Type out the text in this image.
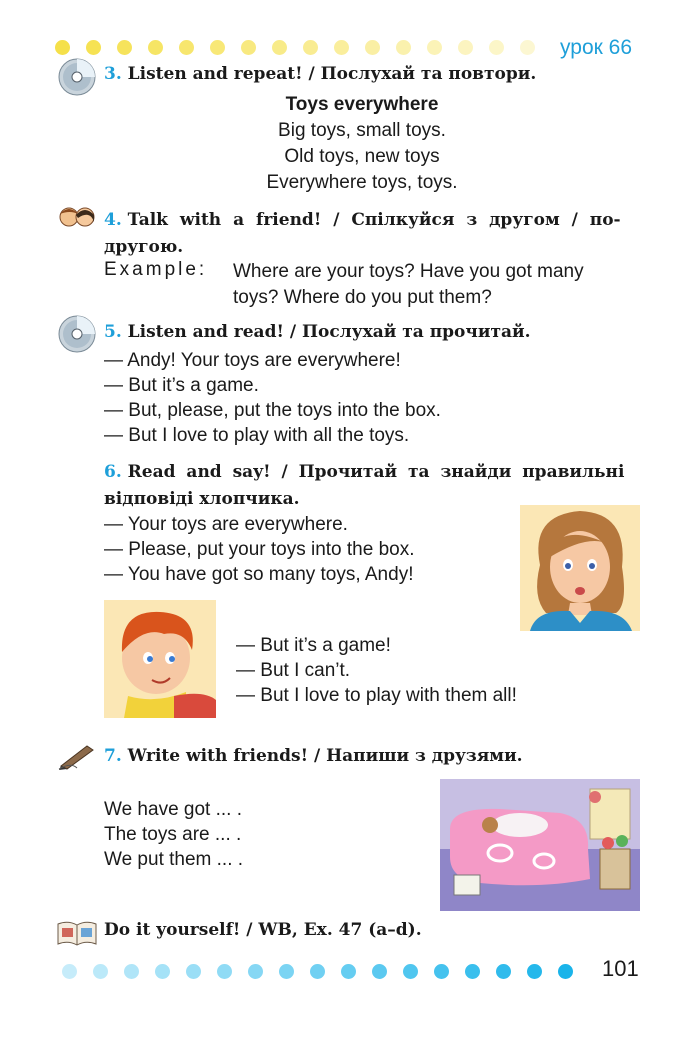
урок 66
3. Listen and repeat! / Послухай та повтори.
Toys everywhere
Big toys, small toys.
Old toys, new toys
Everywhere toys, toys.
4. Talk with a friend! / Спілкуйся з другом / по-
другою.
Example: Where are your toys? Have you got many
toys? Where do you put them?
5. Listen and read! / Послухай та прочитай.
— Andy! Your toys are everywhere!
— But it’s a game.
— But, please, put the toys into the box.
— But I love to play with all the toys.
6. Read and say! / Прочитай та знайди правильні
відповіді хлопчика.
— Your toys are everywhere.
— Please, put your toys into the box.
— You have got so many toys, Andy!
— But it’s a game!
— But I can’t.
— But I love to play with them all!
7. Write with friends! / Напиши з друзями.
We have got ... .
The toys are ... .
We put them ... .
Do it yourself! / WB, Ex. 47 (a–d).
101
